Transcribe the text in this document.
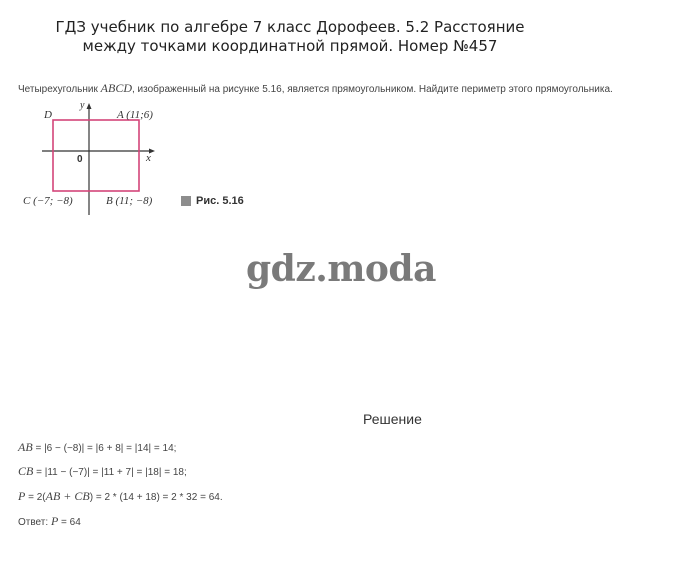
ГДЗ учебник по алгебре 7 класс Дорофеев. 5.2 Расстояние
между точками координатной прямой. Номер №457
Четырехугольник ABCD, изображенный на рисунке 5.16, является прямоугольником. Найдите периметр этого прямоугольника.
D	A (11;6)
y
x
0
C (−7; −8)	B (11; −8)	Рис. 5.16
gdz.moda
Решение
AB = |6 − (−8)| = |6 + 8| = |14| = 14;
CB = |11 − (−7)| = |11 + 7| = |18| = 18;
P = 2(AB + CB) = 2 * (14 + 18) = 2 * 32 = 64.
Ответ: P = 64
